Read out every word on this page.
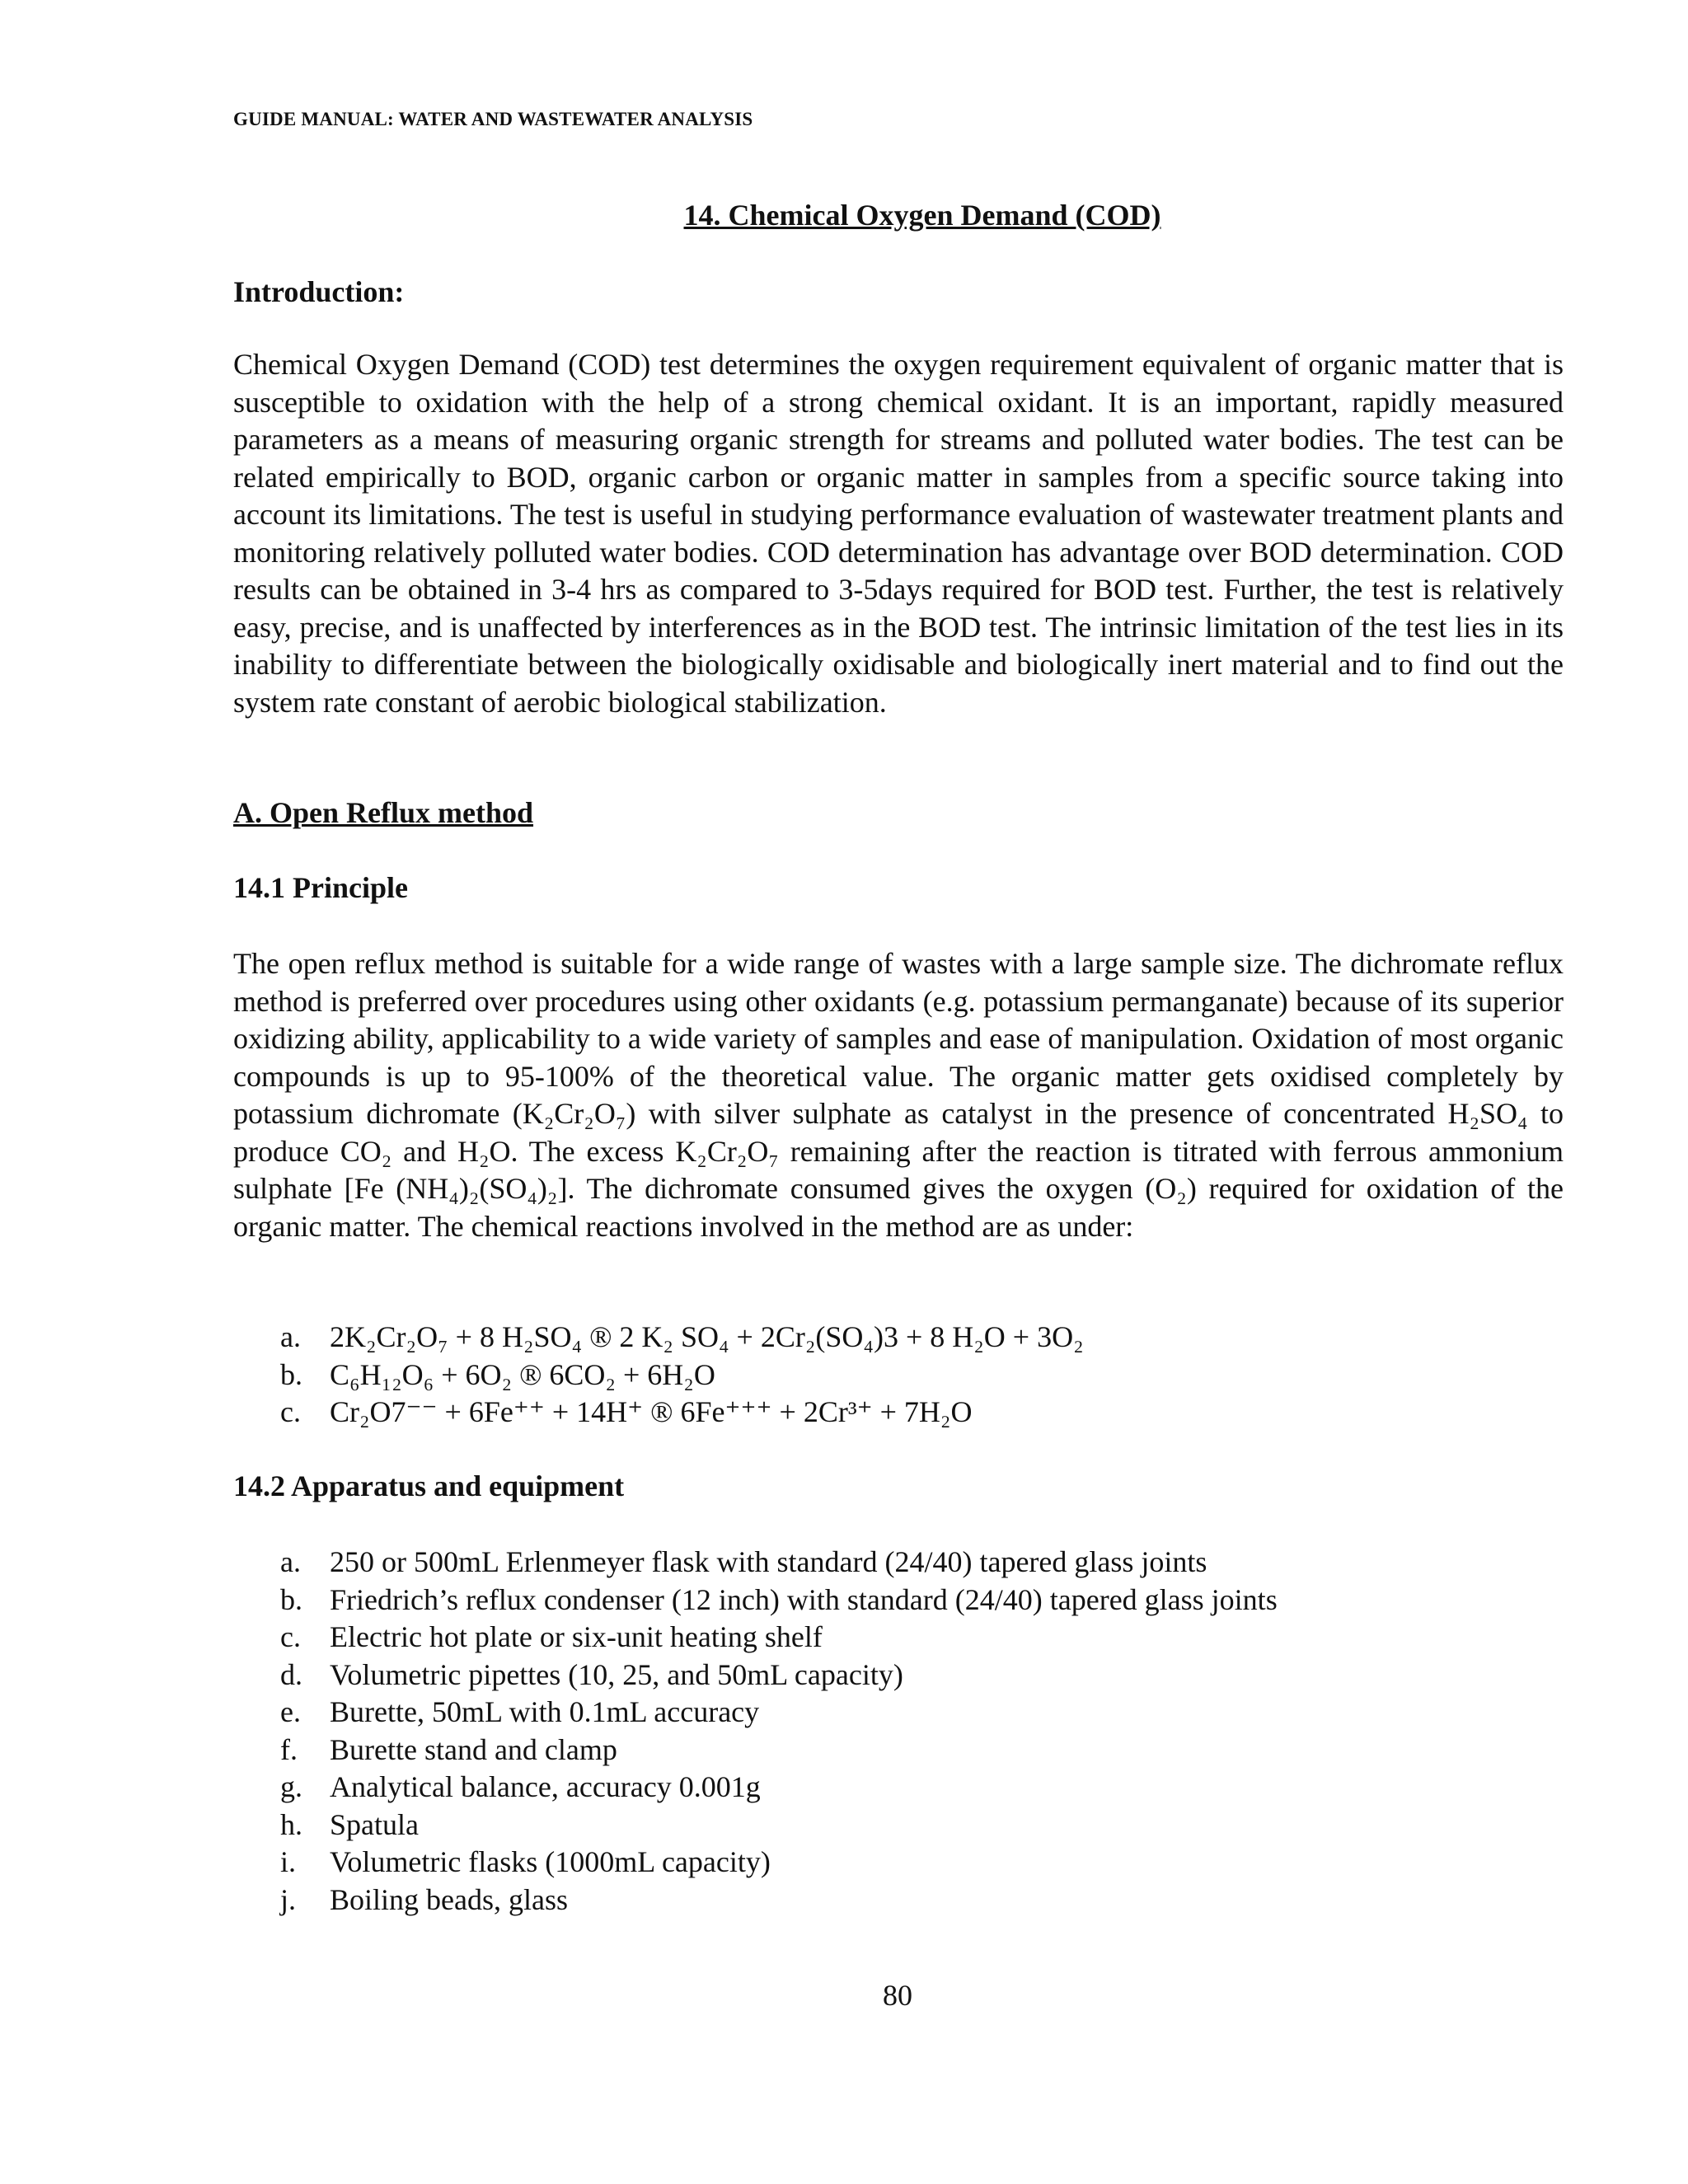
GUIDE MANUAL: WATER AND WASTEWATER ANALYSIS
14. Chemical Oxygen Demand (COD)
Introduction:
Chemical Oxygen Demand (COD) test determines the oxygen requirement equivalent of organic matter that is susceptible to oxidation with the help of a strong chemical oxidant. It is an important, rapidly measured parameters as a means of measuring organic strength for streams and polluted water bodies. The test can be related empirically to BOD, organic carbon or organic matter in samples from a specific source taking into account its limitations. The test is useful in studying performance evaluation of wastewater treatment plants and monitoring relatively polluted water bodies. COD determination has advantage over BOD determination. COD results can be obtained in 3-4 hrs as compared to 3-5days required for BOD test. Further, the test is relatively easy, precise, and is unaffected by interferences as in the BOD test. The intrinsic limitation of the test lies in its inability to differentiate between the biologically oxidisable and biologically inert material and to find out the system rate constant of aerobic biological stabilization.
A. Open Reflux method
14.1 Principle
The open reflux method is suitable for a wide range of wastes with a large sample size. The dichromate reflux method is preferred over procedures using other oxidants (e.g. potassium permanganate) because of its superior oxidizing ability, applicability to a wide variety of samples and ease of manipulation. Oxidation of most organic compounds is up to 95-100% of the theoretical value. The organic matter gets oxidised completely by potassium dichromate (K₂Cr₂O₇) with silver sulphate as catalyst in the presence of concentrated H₂SO₄ to produce CO₂ and H₂O. The excess K₂Cr₂O₇ remaining after the reaction is titrated with ferrous ammonium sulphate [Fe (NH₄)₂(SO₄)₂]. The dichromate consumed gives the oxygen (O₂) required for oxidation of the organic matter. The chemical reactions involved in the method are as under:
a. 2K₂Cr₂O₇ + 8 H₂SO₄ ® 2 K₂ SO₄ + 2Cr₂(SO₄)3 + 8 H₂O + 3O₂
b. C₆H₁₂O₆ + 6O₂ ® 6CO₂ + 6H₂O
c. Cr₂O7⁻⁻ + 6Fe⁺⁺ + 14H⁺ ® 6Fe⁺⁺⁺ + 2Cr³⁺ + 7H₂O
14.2 Apparatus and equipment
a. 250 or 500mL Erlenmeyer flask with standard (24/40) tapered glass joints
b. Friedrich’s reflux condenser (12 inch) with standard (24/40) tapered glass joints
c. Electric hot plate or six-unit heating shelf
d. Volumetric pipettes (10, 25, and 50mL capacity)
e. Burette, 50mL with 0.1mL accuracy
f.	Burette stand and clamp
g. Analytical balance, accuracy 0.001g
h. Spatula
i.	Volumetric flasks (1000mL capacity)
j.	Boiling beads, glass
80
